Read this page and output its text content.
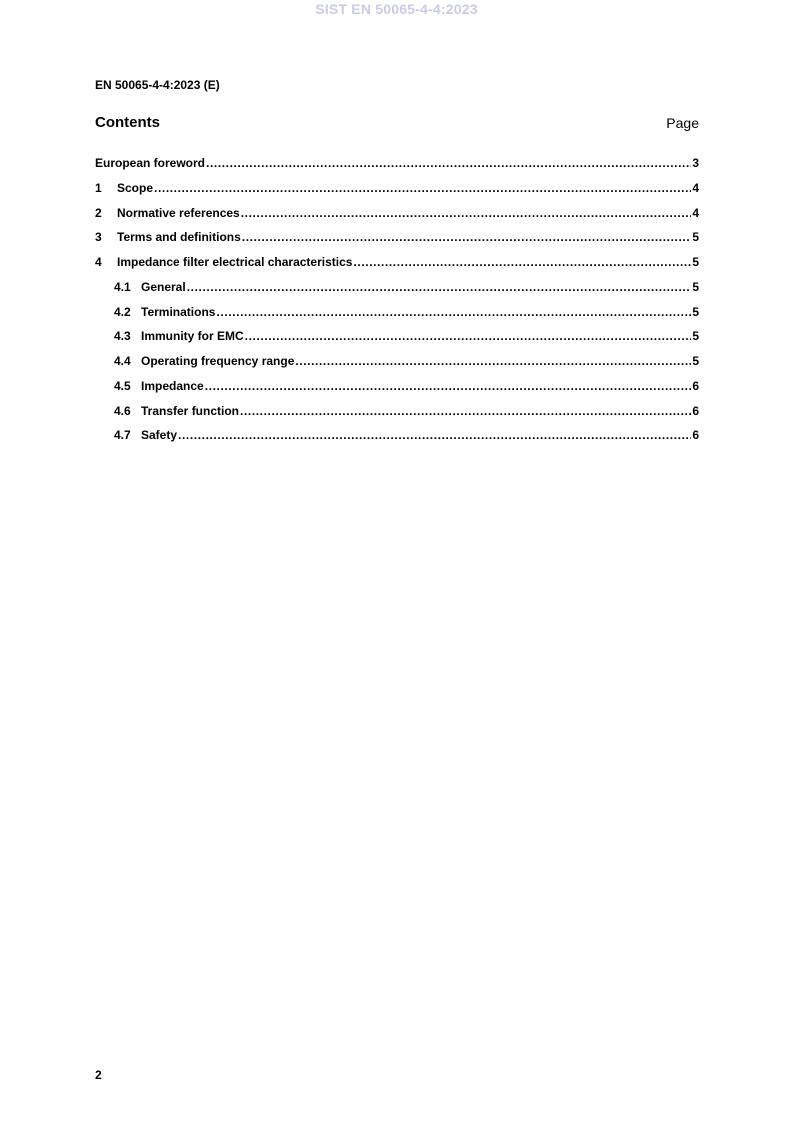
SIST EN 50065-4-4:2023
EN 50065-4-4:2023 (E)
Contents	Page
European foreword .....	3
1	Scope .....	4
2	Normative references .....	4
3	Terms and definitions .....	5
4	Impedance filter electrical characteristics .....	5
4.1 General .....	5
4.2 Terminations .....	5
4.3 Immunity for EMC .....	5
4.4 Operating frequency range .....	5
4.5 Impedance .....	6
4.6 Transfer function .....	6
4.7 Safety .....	6
2
